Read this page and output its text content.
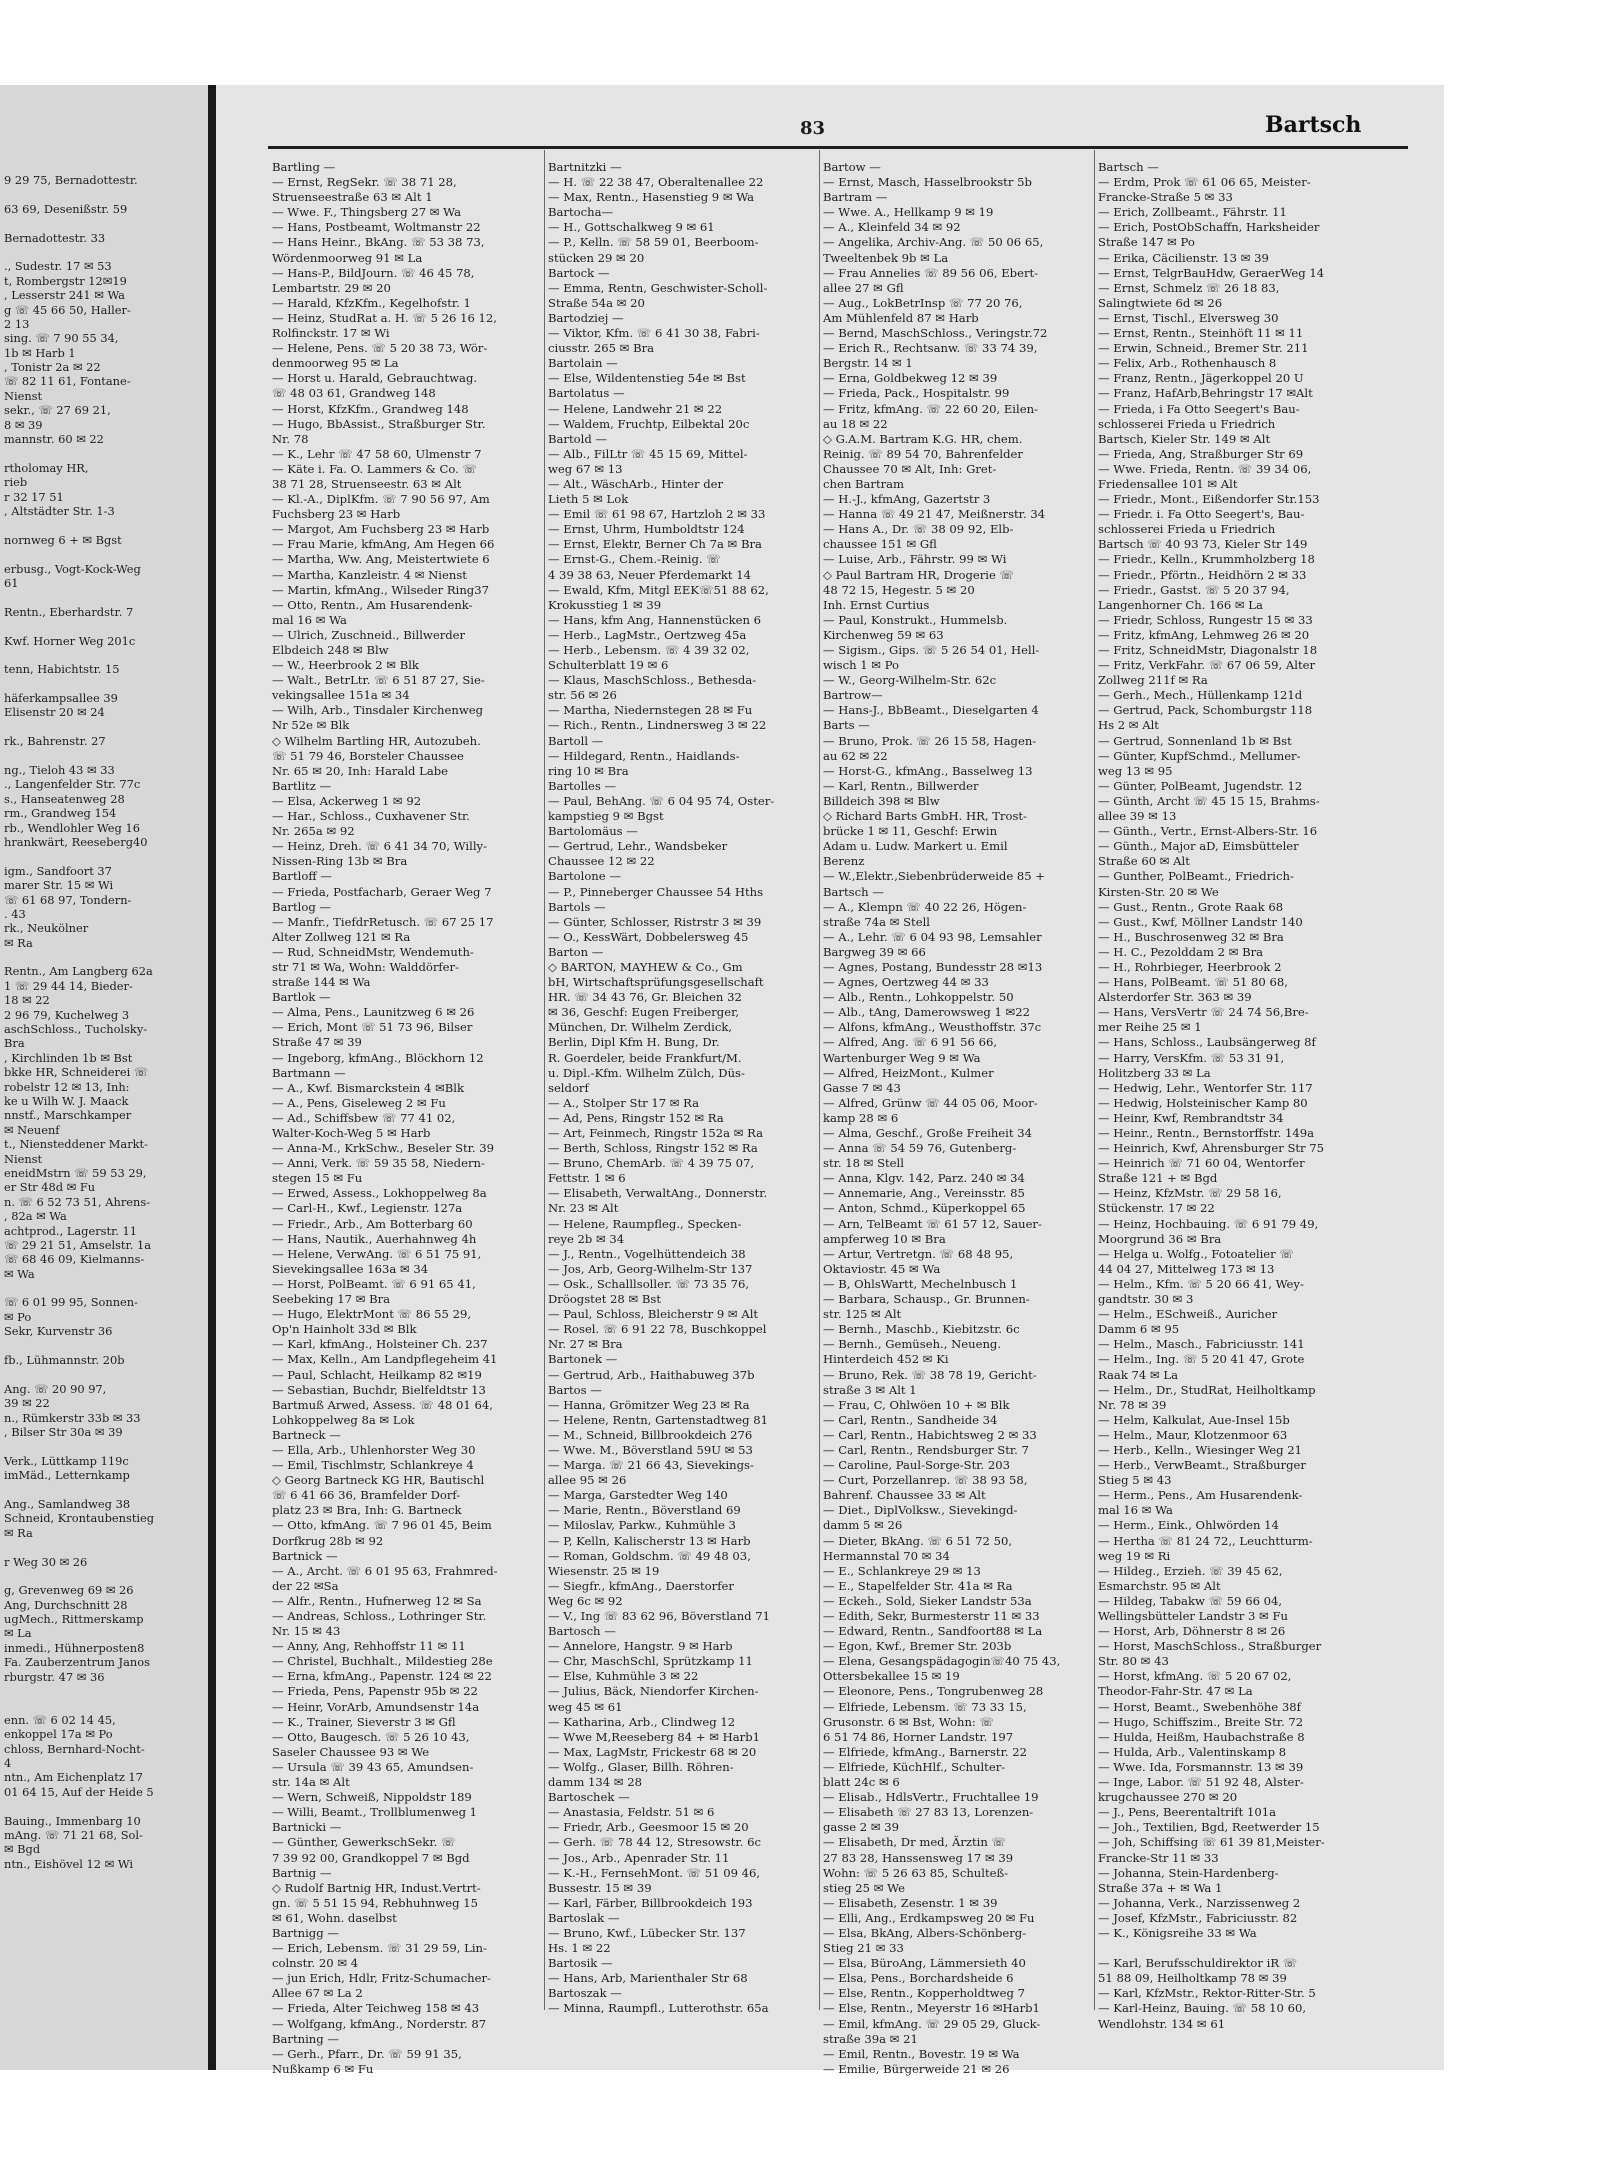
9 29 75, Bernadottestr.
63 69, Desenißstr. 59
Bernadottestr. 33
., Sudestr. 17 ✉ 53
t, Rombergstr 12✉19
, Lesserstr 241 ✉ Wa
g ☏ 45 66 50, Haller-
2 13
sing. ☏ 7 90 55 34,
1b ✉ Harb 1
, Tonistr 2a ✉ 22
☏ 82 11 61, Fontane-
Nienst
sekr., ☏ 27 69 21,
8 ✉ 39
mannstr. 60 ✉ 22
rtholomay HR,
rieb
r 32 17 51
, Altstädter Str. 1-3
nornweg 6 + ✉ Bgst
erbusg., Vogt-Kock-Weg
61
Rentn., Eberhardstr. 7
Kwf. Horner Weg 201c
tenn, Habichtstr. 15
häferkampsallee 39
Elisenstr 20 ✉ 24
rk., Bahrenstr. 27
ng., Tieloh 43 ✉ 33
., Langenfelder Str. 77c
s., Hanseatenweg 28
rm., Grandweg 154
rb., Wendlohler Weg 16
hrankwärt, Reeseberg40
igm., Sandfoort 37
marer Str. 15 ✉ Wi
☏ 61 68 97, Tondern-
. 43
rk., Neukölner
✉ Ra
Rentn., Am Langberg 62a
1 ☏ 29 44 14, Bieder-
18 ✉ 22
2 96 79, Kuchelweg 3
aschSchloss., Tucholsky-
Bra
, Kirchlinden 1b ✉ Bst
bkke HR, Schneiderei ☏
robelstr 12 ✉ 13, Inh:
ke u Wilh W. J. Maack
nnstf., Marschkamper
✉ Neuenf
t., Niensteddener Markt-
Nienst
eneidMstrn ☏ 59 53 29,
er Str 48d ✉ Fu
n. ☏ 6 52 73 51, Ahrens-
, 82a ✉ Wa
achtprod., Lagerstr. 11
☏ 29 21 51, Amselstr. 1a
☏ 68 46 09, Kielmanns-
✉ Wa
☏ 6 01 99 95, Sonnen-
✉ Po
Sekr, Kurvenstr 36
fb., Lühmannstr. 20b
Ang. ☏ 20 90 97,
39 ✉ 22
n., Rümkerstr 33b ✉ 33
, Bilser Str 30a ✉ 39
Verk., Lüttkamp 119c
imMäd., Letternkamp
Ang., Samlandweg 38
Schneid, Krontaubenstieg
✉ Ra
r Weg 30 ✉ 26
g, Grevenweg 69 ✉ 26
Ang, Durchschnitt 28
ugMech., Rittmerskamp
✉ La
inmedi., Hühnerposten8
Fa. Zauberzentrum Janos
rburgstr. 47 ✉ 36
enn. ☏ 6 02 14 45,
enkoppel 17a ✉ Po
chloss, Bernhard-Nocht-
4
ntn., Am Eichenplatz 17
01 64 15, Auf der Heide 5
Bauing., Immenbarg 10
mAng. ☏ 71 21 68, Sol-
✉ Bgd
ntn., Eishövel 12 ✉ Wi
83	Bartsch
Bartling —
— Ernst, RegSekr. ☏ 38 71 28,
Struenseestraße 63 ✉ Alt 1
— Wwe. F., Thingsberg 27 ✉ Wa
— Hans, Postbeamt, Woltmanstr 22
— Hans Heinr., BkAng. ☏ 53 38 73,
Wördenmoorweg 91 ✉ La
— Hans-P., BildJourn. ☏ 46 45 78,
Lembartstr. 29 ✉ 20
— Harald, KfzKfm., Kegelhofstr. 1
— Heinz, StudRat a. H. ☏ 5 26 16 12,
Rolfinckstr. 17 ✉ Wi
— Helene, Pens. ☏ 5 20 38 73, Wör-
denmoorweg 95 ✉ La
— Horst u. Harald, Gebrauchtwag.
☏ 48 03 61, Grandweg 148
— Horst, KfzKfm., Grandweg 148
— Hugo, BbAssist., Straßburger Str.
Nr. 78
— K., Lehr ☏ 47 58 60, Ulmenstr 7
— Käte i. Fa. O. Lammers & Co. ☏
38 71 28, Struenseestr. 63 ✉ Alt
— Kl.-A., DiplKfm. ☏ 7 90 56 97, Am
Fuchsberg 23 ✉ Harb
— Margot, Am Fuchsberg 23 ✉ Harb
— Frau Marie, kfmAng, Am Hegen 66
— Martha, Ww. Ang, Meistertwiete 6
— Martha, Kanzleistr. 4 ✉ Nienst
— Martin, kfmAng., Wilseder Ring37
— Otto, Rentn., Am Husarendenk-
mal 16 ✉ Wa
— Ulrich, Zuschneid., Billwerder
Elbdeich 248 ✉ Blw
— W., Heerbrook 2 ✉ Blk
— Walt., BetrLtr. ☏ 6 51 87 27, Sie-
vekingsallee 151a ✉ 34
— Wilh, Arb., Tinsdaler Kirchenweg
Nr 52e ✉ Blk
◇ Wilhelm Bartling HR, Autozubeh.
☏ 51 79 46, Borsteler Chaussee
Nr. 65 ✉ 20, Inh: Harald Labe
Bartlitz —
— Elsa, Ackerweg 1 ✉ 92
— Har., Schloss., Cuxhavener Str.
Nr. 265a ✉ 92
— Heinz, Dreh. ☏ 6 41 34 70, Willy-
Nissen-Ring 13b ✉ Bra
Bartloff —
— Frieda, Postfacharb, Geraer Weg 7
Bartlog —
— Manfr., TiefdrRetusch. ☏ 67 25 17
Alter Zollweg 121 ✉ Ra
— Rud, SchneidMstr, Wendemuth-
str 71 ✉ Wa, Wohn: Walddörfer-
straße 144 ✉ Wa
Bartlok —
— Alma, Pens., Launitzweg 6 ✉ 26
— Erich, Mont ☏ 51 73 96, Bilser
Straße 47 ✉ 39
— Ingeborg, kfmAng., Blöckhorn 12
Bartmann —
— A., Kwf. Bismarckstein 4 ✉Blk
— A., Pens, Giseleweg 2 ✉ Fu
— Ad., Schiffsbew ☏ 77 41 02,
Walter-Koch-Weg 5 ✉ Harb
— Anna-M., KrkSchw., Beseler Str. 39
— Anni, Verk. ☏ 59 35 58, Niedern-
stegen 15 ✉ Fu
— Erwed, Assess., Lokhoppelweg 8a
— Carl-H., Kwf., Legienstr. 127a
— Friedr., Arb., Am Botterbarg 60
— Hans, Nautik., Auerhahnweg 4h
— Helene, VerwAng. ☏ 6 51 75 91,
Sievekingsallee 163a ✉ 34
— Horst, PolBeamt. ☏ 6 91 65 41,
Seebeking 17 ✉ Bra
— Hugo, ElektrMont ☏ 86 55 29,
Op'n Hainholt 33d ✉ Blk
— Karl, kfmAng., Holsteiner Ch. 237
— Max, Kelln., Am Landpflegeheim 41
— Paul, Schlacht, Heilkamp 82 ✉19
— Sebastian, Buchdr, Bielfeldtstr 13
Bartmuß Arwed, Assess. ☏ 48 01 64,
Lohkoppelweg 8a ✉ Lok
Bartneck —
— Ella, Arb., Uhlenhorster Weg 30
— Emil, Tischlmstr, Schlankreye 4
◇ Georg Bartneck KG HR, Bautischl
☏ 6 41 66 36, Bramfelder Dorf-
platz 23 ✉ Bra, Inh: G. Bartneck
— Otto, kfmAng. ☏ 7 96 01 45, Beim
Dorfkrug 28b ✉ 92
Bartnick —
— A., Archt. ☏ 6 01 95 63, Frahmred-
der 22 ✉Sa
— Alfr., Rentn., Hufnerweg 12 ✉ Sa
— Andreas, Schloss., Lothringer Str.
Nr. 15 ✉ 43
— Anny, Ang, Rehhoffstr 11 ✉ 11
— Christel, Buchhalt., Mildestieg 28e
— Erna, kfmAng., Papenstr. 124 ✉ 22
— Frieda, Pens, Papenstr 95b ✉ 22
— Heinr, VorArb, Amundsenstr 14a
— K., Trainer, Sieverstr 3 ✉ Gfl
— Otto, Baugesch. ☏ 5 26 10 43,
Saseler Chaussee 93 ✉ We
— Ursula ☏ 39 43 65, Amundsen-
str. 14a ✉ Alt
— Wern, Schweiß, Nippoldstr 189
— Willi, Beamt., Trollblumenweg 1
Bartnicki —
— Günther, GewerkschSekr. ☏
7 39 92 00, Grandkoppel 7 ✉ Bgd
Bartnig —
◇ Rudolf Bartnig HR, Indust.Vertrt-
gn. ☏ 5 51 15 94, Rebhuhnweg 15
✉ 61, Wohn. daselbst
Bartnigg —
— Erich, Lebensm. ☏ 31 29 59, Lin-
colnstr. 20 ✉ 4
— jun Erich, Hdlr, Fritz-Schumacher-
Allee 67 ✉ La 2
— Frieda, Alter Teichweg 158 ✉ 43
— Wolfgang, kfmAng., Norderstr. 87
Bartning —
— Gerh., Pfarr., Dr. ☏ 59 91 35,
Nußkamp 6 ✉ Fu
Bartnitzki —
— H. ☏ 22 38 47, Oberaltenallee 22
— Max, Rentn., Hasenstieg 9 ✉ Wa
Bartocha—
— H., Gottschalkweg 9 ✉ 61
— P., Kelln. ☏ 58 59 01, Beerboom-
stücken 29 ✉ 20
Bartock —
— Emma, Rentn, Geschwister-Scholl-
Straße 54a ✉ 20
Bartodziej —
— Viktor, Kfm. ☏ 6 41 30 38, Fabri-
ciusstr. 265 ✉ Bra
Bartolain —
— Else, Wildentenstieg 54e ✉ Bst
Bartolatus —
— Helene, Landwehr 21 ✉ 22
— Waldem, Fruchtp, Eilbektal 20c
Bartold —
— Alb., FilLtr ☏ 45 15 69, Mittel-
weg 67 ✉ 13
— Alt., WäschArb., Hinter der
Lieth 5 ✉ Lok
— Emil ☏ 61 98 67, Hartzloh 2 ✉ 33
— Ernst, Uhrm, Humboldtstr 124
— Ernst, Elektr, Berner Ch 7a ✉ Bra
— Ernst-G., Chem.-Reinig. ☏
4 39 38 63, Neuer Pferdemarkt 14
— Ewald, Kfm, Mitgl EEK☏51 88 62,
Krokusstieg 1 ✉ 39
— Hans, kfm Ang, Hannenstücken 6
— Herb., LagMstr., Oertzweg 45a
— Herb., Lebensm. ☏ 4 39 32 02,
Schulterblatt 19 ✉ 6
— Klaus, MaschSchloss., Bethesda-
str. 56 ✉ 26
— Martha, Niedernstegen 28 ✉ Fu
— Rich., Rentn., Lindnersweg 3 ✉ 22
Bartoll —
— Hildegard, Rentn., Haidlands-
ring 10 ✉ Bra
Bartolles —
— Paul, BehAng. ☏ 6 04 95 74, Oster-
kampstieg 9 ✉ Bgst
Bartolomäus —
— Gertrud, Lehr., Wandsbeker
Chaussee 12 ✉ 22
Bartolone —
— P., Pinneberger Chaussee 54 Hths
Bartols —
— Günter, Schlosser, Ristrstr 3 ✉ 39
— O., KessWärt, Dobbelersweg 45
Barton —
◇ BARTON, MAYHEW & Co., Gm
bH, Wirtschaftsprüfungsgesellschaft
HR. ☏ 34 43 76, Gr. Bleichen 32
✉ 36, Geschf: Eugen Freiberger,
München, Dr. Wilhelm Zerdick,
Berlin, Dipl Kfm H. Bung, Dr.
R. Goerdeler, beide Frankfurt/M.
u. Dipl.-Kfm. Wilhelm Zülch, Düs-
seldorf
— A., Stolper Str 17 ✉ Ra
— Ad, Pens, Ringstr 152 ✉ Ra
— Art, Feinmech, Ringstr 152a ✉ Ra
— Berth, Schloss, Ringstr 152 ✉ Ra
— Bruno, ChemArb. ☏ 4 39 75 07,
Fettstr. 1 ✉ 6
— Elisabeth, VerwaltAng., Donnerstr.
Nr. 23 ✉ Alt
— Helene, Raumpfleg., Specken-
reye 2b ✉ 34
— J., Rentn., Vogelhüttendeich 38
— Jos, Arb, Georg-Wilhelm-Str 137
— Osk., Schalllsoller. ☏ 73 35 76,
Dröogstet 28 ✉ Bst
— Paul, Schloss, Bleicherstr 9 ✉ Alt
— Rosel. ☏ 6 91 22 78, Buschkoppel
Nr. 27 ✉ Bra
Bartonek —
— Gertrud, Arb., Haithabuweg 37b
Bartos —
— Hanna, Grömitzer Weg 23 ✉ Ra
— Helene, Rentn, Gartenstadtweg 81
— M., Schneid, Billbrookdeich 276
— Wwe. M., Böverstland 59U ✉ 53
— Marga. ☏ 21 66 43, Sievekings-
allee 95 ✉ 26
— Marga, Garstedter Weg 140
— Marie, Rentn., Böverstland 69
— Miloslav, Parkw., Kuhmühle 3
— P, Kelln, Kalischerstr 13 ✉ Harb
— Roman, Goldschm. ☏ 49 48 03,
Wiesenstr. 25 ✉ 19
— Siegfr., kfmAng., Daerstorfer
Weg 6c ✉ 92
— V., Ing ☏ 83 62 96, Böverstland 71
Bartosch —
— Annelore, Hangstr. 9 ✉ Harb
— Chr, MaschSchl, Sprützkamp 11
— Else, Kuhmühle 3 ✉ 22
— Julius, Bäck, Niendorfer Kirchen-
weg 45 ✉ 61
— Katharina, Arb., Clindweg 12
— Wwe M,Reeseberg 84 + ✉ Harb1
— Max, LagMstr, Frickestr 68 ✉ 20
— Wolfg., Glaser, Billh. Röhren-
damm 134 ✉ 28
Bartoschek —
— Anastasia, Feldstr. 51 ✉ 6
— Friedr, Arb., Geesmoor 15 ✉ 20
— Gerh. ☏ 78 44 12, Stresowstr. 6c
— Jos., Arb., Apenrader Str. 11
— K.-H., FernsehMont. ☏ 51 09 46,
Bussestr. 15 ✉ 39
— Karl, Färber, Billbrookdeich 193
Bartoslak —
— Bruno, Kwf., Lübecker Str. 137
Hs. 1 ✉ 22
Bartosik —
— Hans, Arb, Marienthaler Str 68
Bartoszak —
— Minna, Raumpfl., Lutterothstr. 65a
Bartow —
— Ernst, Masch, Hasselbrookstr 5b
Bartram —
— Wwe. A., Hellkamp 9 ✉ 19
— A., Kleinfeld 34 ✉ 92
— Angelika, Archiv-Ang. ☏ 50 06 65,
Tweeltenbek 9b ✉ La
— Frau Annelies ☏ 89 56 06, Ebert-
allee 27 ✉ Gfl
— Aug., LokBetrInsp ☏ 77 20 76,
Am Mühlenfeld 87 ✉ Harb
— Bernd, MaschSchloss., Veringstr.72
— Erich R., Rechtsanw. ☏ 33 74 39,
Bergstr. 14 ✉ 1
— Erna, Goldbekweg 12 ✉ 39
— Frieda, Pack., Hospitalstr. 99
— Fritz, kfmAng. ☏ 22 60 20, Eilen-
au 18 ✉ 22
◇ G.A.M. Bartram K.G. HR, chem.
Reinig. ☏ 89 54 70, Bahrenfelder
Chaussee 70 ✉ Alt, Inh: Gret-
chen Bartram
— H.-J., kfmAng, Gazertstr 3
— Hanna ☏ 49 21 47, Meißnerstr. 34
— Hans A., Dr. ☏ 38 09 92, Elb-
chaussee 151 ✉ Gfl
— Luise, Arb., Fährstr. 99 ✉ Wi
◇ Paul Bartram HR, Drogerie ☏
48 72 15, Hegestr. 5 ✉ 20
Inh. Ernst Curtius
— Paul, Konstrukt., Hummelsb.
Kirchenweg 59 ✉ 63
— Sigism., Gips. ☏ 5 26 54 01, Hell-
wisch 1 ✉ Po
— W., Georg-Wilhelm-Str. 62c
Bartrow—
— Hans-J., BbBeamt., Dieselgarten 4
Barts —
— Bruno, Prok. ☏ 26 15 58, Hagen-
au 62 ✉ 22
— Horst-G., kfmAng., Basselweg 13
— Karl, Rentn., Billwerder
Billdeich 398 ✉ Blw
◇ Richard Barts GmbH. HR, Trost-
brücke 1 ✉ 11, Geschf: Erwin
Adam u. Ludw. Markert u. Emil
Berenz
— W.,Elektr.,Siebenbrüderweide 85 +
Bartsch —
— A., Klempn ☏ 40 22 26, Högen-
straße 74a ✉ Stell
— A., Lehr. ☏ 6 04 93 98, Lemsahler
Bargweg 39 ✉ 66
— Agnes, Postang, Bundesstr 28 ✉13
— Agnes, Oertzweg 44 ✉ 33
— Alb., Rentn., Lohkoppelstr. 50
— Alb., tAng, Damerowsweg 1 ✉22
— Alfons, kfmAng., Weusthoffstr. 37c
— Alfred, Ang. ☏ 6 91 56 66,
Wartenburger Weg 9 ✉ Wa
— Alfred, HeizMont., Kulmer
Gasse 7 ✉ 43
— Alfred, Grünw ☏ 44 05 06, Moor-
kamp 28 ✉ 6
— Alma, Geschf., Große Freiheit 34
— Anna ☏ 54 59 76, Gutenberg-
str. 18 ✉ Stell
— Anna, Klgv. 142, Parz. 240 ✉ 34
— Annemarie, Ang., Vereinsstr. 85
— Anton, Schmd., Küperkoppel 65
— Arn, TelBeamt ☏ 61 57 12, Sauer-
ampferweg 10 ✉ Bra
— Artur, Vertretgn. ☏ 68 48 95,
Oktaviostr. 45 ✉ Wa
— B, OhlsWartt, Mechelnbusch 1
— Barbara, Schausp., Gr. Brunnen-
str. 125 ✉ Alt
— Bernh., Maschb., Kiebitzstr. 6c
— Bernh., Gemüseh., Neueng.
Hinterdeich 452 ✉ Ki
— Bruno, Rek. ☏ 38 78 19, Gericht-
straße 3 ✉ Alt 1
— Frau, C, Ohlwöen 10 + ✉ Blk
— Carl, Rentn., Sandheide 34
— Carl, Rentn., Habichtsweg 2 ✉ 33
— Carl, Rentn., Rendsburger Str. 7
— Caroline, Paul-Sorge-Str. 203
— Curt, Porzellanrep. ☏ 38 93 58,
Bahrenf. Chaussee 33 ✉ Alt
— Diet., DiplVolksw., Sievekingd-
damm 5 ✉ 26
— Dieter, BkAng. ☏ 6 51 72 50,
Hermannstal 70 ✉ 34
— E., Schlankreye 29 ✉ 13
— E., Stapelfelder Str. 41a ✉ Ra
— Eckeh., Sold, Sieker Landstr 53a
— Edith, Sekr, Burmesterstr 11 ✉ 33
— Edward, Rentn., Sandfoort88 ✉ La
— Egon, Kwf., Bremer Str. 203b
— Elena, Gesangspädagogin☏40 75 43,
Ottersbekallee 15 ✉ 19
— Eleonore, Pens., Tongrubenweg 28
— Elfriede, Lebensm. ☏ 73 33 15,
Grusonstr. 6 ✉ Bst, Wohn: ☏
6 51 74 86, Horner Landstr. 197
— Elfriede, kfmAng., Barnerstr. 22
— Elfriede, KüchHlf., Schulter-
blatt 24c ✉ 6
— Elisab., HdlsVertr., Fruchtallee 19
— Elisabeth ☏ 27 83 13, Lorenzen-
gasse 2 ✉ 39
— Elisabeth, Dr med, Ärztin ☏
27 83 28, Hanssensweg 17 ✉ 39
Wohn: ☏ 5 26 63 85, Schulteß-
stieg 25 ✉ We
— Elisabeth, Zesenstr. 1 ✉ 39
— Elli, Ang., Erdkampsweg 20 ✉ Fu
— Elsa, BkAng, Albers-Schönberg-
Stieg 21 ✉ 33
— Elsa, BüroAng, Lämmersieth 40
— Elsa, Pens., Borchardsheide 6
— Else, Rentn., Kopperholdtweg 7
— Else, Rentn., Meyerstr 16 ✉Harb1
— Emil, kfmAng. ☏ 29 05 29, Gluck-
straße 39a ✉ 21
— Emil, Rentn., Bovestr. 19 ✉ Wa
— Emilie, Bürgerweide 21 ✉ 26
Bartsch —
— Erdm, Prok ☏ 61 06 65, Meister-
Francke-Straße 5 ✉ 33
— Erich, Zollbeamt., Fährstr. 11
— Erich, PostObSchaffn, Harksheider
Straße 147 ✉ Po
— Erika, Cäcilienstr. 13 ✉ 39
— Ernst, TelgrBauHdw, GeraerWeg 14
— Ernst, Schmelz ☏ 26 18 83,
Salingtwiete 6d ✉ 26
— Ernst, Tischl., Elversweg 30
— Ernst, Rentn., Steinhöft 11 ✉ 11
— Erwin, Schneid., Bremer Str. 211
— Felix, Arb., Rothenhausch 8
— Franz, Rentn., Jägerkoppel 20 U
— Franz, HafArb,Behringstr 17 ✉Alt
— Frieda, i Fa Otto Seegert's Bau-
schlosserei Frieda u Friedrich
Bartsch, Kieler Str. 149 ✉ Alt
— Frieda, Ang, Straßburger Str 69
— Wwe. Frieda, Rentn. ☏ 39 34 06,
Friedensallee 101 ✉ Alt
— Friedr., Mont., Eißendorfer Str.153
— Friedr. i. Fa Otto Seegert's, Bau-
schlosserei Frieda u Friedrich
Bartsch ☏ 40 93 73, Kieler Str 149
— Friedr., Kelln., Krummholzberg 18
— Friedr., Pförtn., Heidhörn 2 ✉ 33
— Friedr., Gastst. ☏ 5 20 37 94,
Langenhorner Ch. 166 ✉ La
— Friedr, Schloss, Rungestr 15 ✉ 33
— Fritz, kfmAng, Lehmweg 26 ✉ 20
— Fritz, SchneidMstr, Diagonalstr 18
— Fritz, VerkFahr. ☏ 67 06 59, Alter
Zollweg 211f ✉ Ra
— Gerh., Mech., Hüllenkamp 121d
— Gertrud, Pack, Schomburgstr 118
Hs 2 ✉ Alt
— Gertrud, Sonnenland 1b ✉ Bst
— Günter, KupfSchmd., Mellumer-
weg 13 ✉ 95
— Günter, PolBeamt, Jugendstr. 12
— Günth, Archt ☏ 45 15 15, Brahms-
allee 39 ✉ 13
— Günth., Vertr., Ernst-Albers-Str. 16
— Günth., Major aD, Eimsbütteler
Straße 60 ✉ Alt
— Gunther, PolBeamt., Friedrich-
Kirsten-Str. 20 ✉ We
— Gust., Rentn., Grote Raak 68
— Gust., Kwf, Möllner Landstr 140
— H., Buschrosenweg 32 ✉ Bra
— H. C., Pezolddam 2 ✉ Bra
— H., Rohrbieger, Heerbrook 2
— Hans, PolBeamt. ☏ 51 80 68,
Alsterdorfer Str. 363 ✉ 39
— Hans, VersVertr ☏ 24 74 56,Bre-
mer Reihe 25 ✉ 1
— Hans, Schloss., Laubsängerweg 8f
— Harry, VersKfm. ☏ 53 31 91,
Holitzberg 33 ✉ La
— Hedwig, Lehr., Wentorfer Str. 117
— Hedwig, Holsteinischer Kamp 80
— Heinr, Kwf, Rembrandtstr 34
— Heinr., Rentn., Bernstorffstr. 149a
— Heinrich, Kwf, Ahrensburger Str 75
— Heinrich ☏ 71 60 04, Wentorfer
Straße 121 + ✉ Bgd
— Heinz, KfzMstr. ☏ 29 58 16,
Stückenstr. 17 ✉ 22
— Heinz, Hochbauing. ☏ 6 91 79 49,
Moorgrund 36 ✉ Bra
— Helga u. Wolfg., Fotoatelier ☏
44 04 27, Mittelweg 173 ✉ 13
— Helm., Kfm. ☏ 5 20 66 41, Wey-
gandtstr. 30 ✉ 3
— Helm., ESchweiß., Auricher
Damm 6 ✉ 95
— Helm., Masch., Fabriciusstr. 141
— Helm., Ing. ☏ 5 20 41 47, Grote
Raak 74 ✉ La
— Helm., Dr., StudRat, Heilholtkamp
Nr. 78 ✉ 39
— Helm, Kalkulat, Aue-Insel 15b
— Helm., Maur, Klotzenmoor 63
— Herb., Kelln., Wiesinger Weg 21
— Herb., VerwBeamt., Straßburger
Stieg 5 ✉ 43
— Herm., Pens., Am Husarendenk-
mal 16 ✉ Wa
— Herm., Eink., Ohlwörden 14
— Hertha ☏ 81 24 72,, Leuchtturm-
weg 19 ✉ Ri
— Hildeg., Erzieh. ☏ 39 45 62,
Esmarchstr. 95 ✉ Alt
— Hildeg, Tabakw ☏ 59 66 04,
Wellingsbütteler Landstr 3 ✉ Fu
— Horst, Arb, Döhnerstr 8 ✉ 26
— Horst, MaschSchloss., Straßburger
Str. 80 ✉ 43
— Horst, kfmAng. ☏ 5 20 67 02,
Theodor-Fahr-Str. 47 ✉ La
— Horst, Beamt., Swebenhöhe 38f
— Hugo, Schiffszim., Breite Str. 72
— Hulda, Heißm, Haubachstraße 8
— Hulda, Arb., Valentinskamp 8
— Wwe. Ida, Forsmannstr. 13 ✉ 39
— Inge, Labor. ☏ 51 92 48, Alster-
krugchaussee 270 ✉ 20
— J., Pens, Beerentaltrift 101a
— Joh., Textilien, Bgd, Reetwerder 15
— Joh, Schiffsing ☏ 61 39 81,Meister-
Francke-Str 11 ✉ 33
— Johanna, Stein-Hardenberg-
Straße 37a + ✉ Wa 1
— Johanna, Verk., Narzissenweg 2
— Josef, KfzMstr., Fabriciusstr. 82
— K., Königsreihe 33 ✉ Wa
— Karl, Berufsschuldirektor iR ☏
51 88 09, Heilholtkamp 78 ✉ 39
— Karl, KfzMstr., Rektor-Ritter-Str. 5
— Karl-Heinz, Bauing. ☏ 58 10 60,
Wendlohstr. 134 ✉ 61
